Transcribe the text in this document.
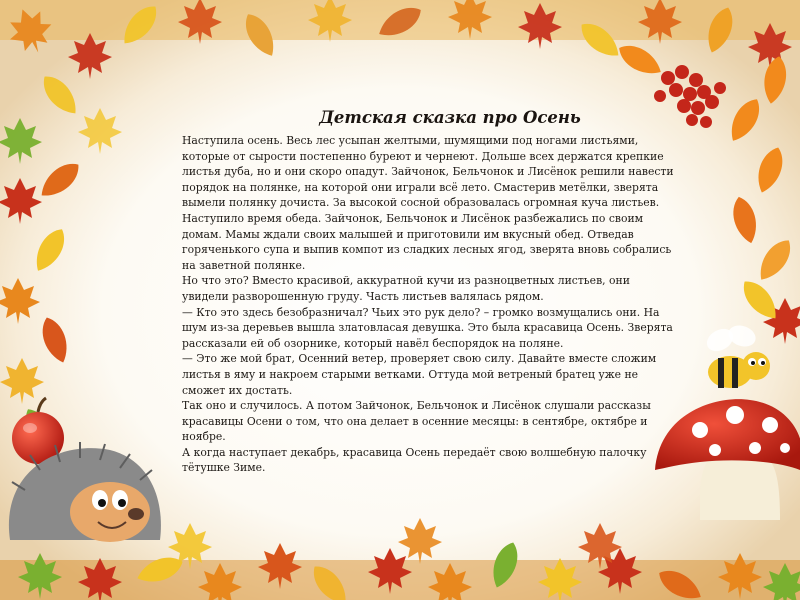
Детская сказка про Осень

Наступила осень. Весь лес усыпан желтыми, шумящими под ногами листьями, которые от сырости постепенно буреют и чернеют. Дольше всех держатся крепкие листья дуба, но и они скоро опадут. Зайчонок, Бельчонок и Лисёнок решили навести порядок на полянке, на которой они играли всё лето. Смастерив метёлки, зверята вымели полянку дочиста. За высокой сосной образовалась огромная куча листьев.

Наступило время обеда. Зайчонок, Бельчонок и Лисёнок разбежались по своим домам. Мамы ждали своих малышей и приготовили им вкусный обед. Отведав горяченького супа и выпив компот из сладких лесных ягод, зверята вновь собрались на заветной полянке.

Но что это? Вместо красивой, аккуратной кучи из разноцветных листьев, они увидели разворошенную груду. Часть листьев валялась рядом.

— Кто это здесь безобразничал? Чьих это рук дело? – громко возмущались они. На шум из-за деревьев вышла златовласая девушка. Это была красавица Осень. Зверята рассказали ей об озорнике, который навёл беспорядок на поляне.

— Это же мой брат, Осенний ветер, проверяет свою силу. Давайте вместе сложим листья в яму и накроем старыми ветками. Оттуда мой ветреный братец уже не сможет их достать.

Так оно и случилось. А потом Зайчонок, Бельчонок и Лисёнок слушали рассказы красавицы Осени о том, что она делает в осенние месяцы: в сентябре, октябре и ноябре.

А когда наступает декабрь, красавица Осень передаёт свою волшебную палочку тётушке Зиме.
